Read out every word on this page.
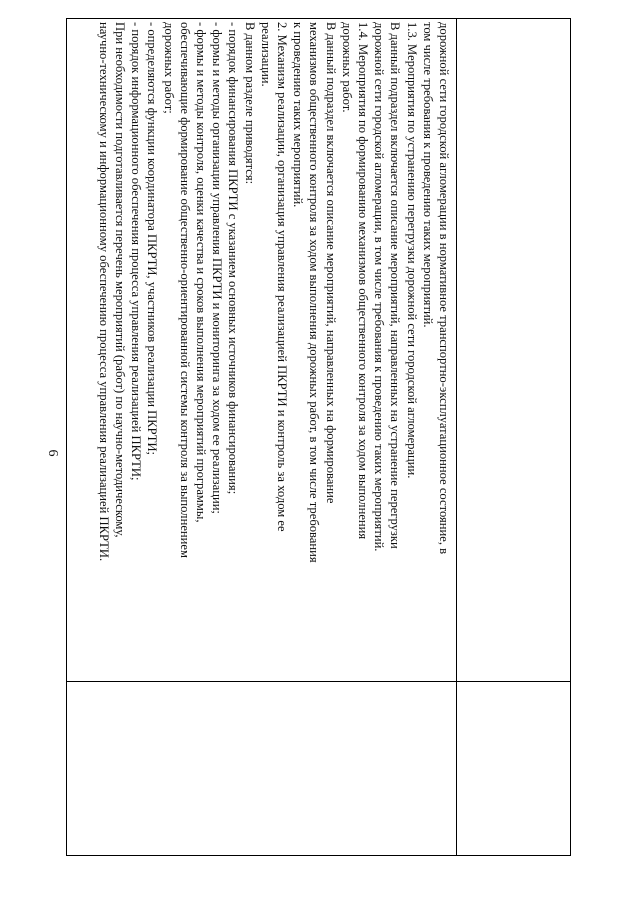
6	дорожной сети городской агломерации в нормативное транспортно-эксплуатационное состояние, в
том числе требования к проведению таких мероприятий.
1.3. Мероприятия по устранению перегрузки дорожной сети городской агломерации.
В данный подраздел включается описание мероприятий, направленных на устранение перегрузки
дорожной сети городской агломерации, в том числе требования к проведению таких мероприятий.
1.4. Мероприятия по формированию механизмов общественного контроля за ходом выполнения
дорожных работ.
В данный подраздел включается описание мероприятий, направленных на формирование
механизмов общественного контроля за ходом выполнения дорожных работ, в том числе требования
к проведению таких мероприятий.
2. Механизм реализации, организация управления реализацией ПКРТИ и контроль за ходом ее
реализации.
В данном разделе приводятся:
- порядок финансирования ПКРТИ с указанием основных источников финансирования;
- формы и методы организации управления ПКРТИ и мониторинга за ходом ее реализации;
- формы и методы контроля, оценки качества и сроков выполнения мероприятий программы,
обеспечивающие формирование общественно-ориентированной системы контроля за выполнением
дорожных работ;
- определяются функции координатора ПКРТИ, участников реализации ПКРТИ;
- порядок информационного обеспечения процесса управления реализацией ПКРТИ;
При необходимости подготавливается перечень мероприятий (работ) по научно-методическому,
научно-техническому и информационному обеспечению процесса управления реализацией ПКРТИ.
